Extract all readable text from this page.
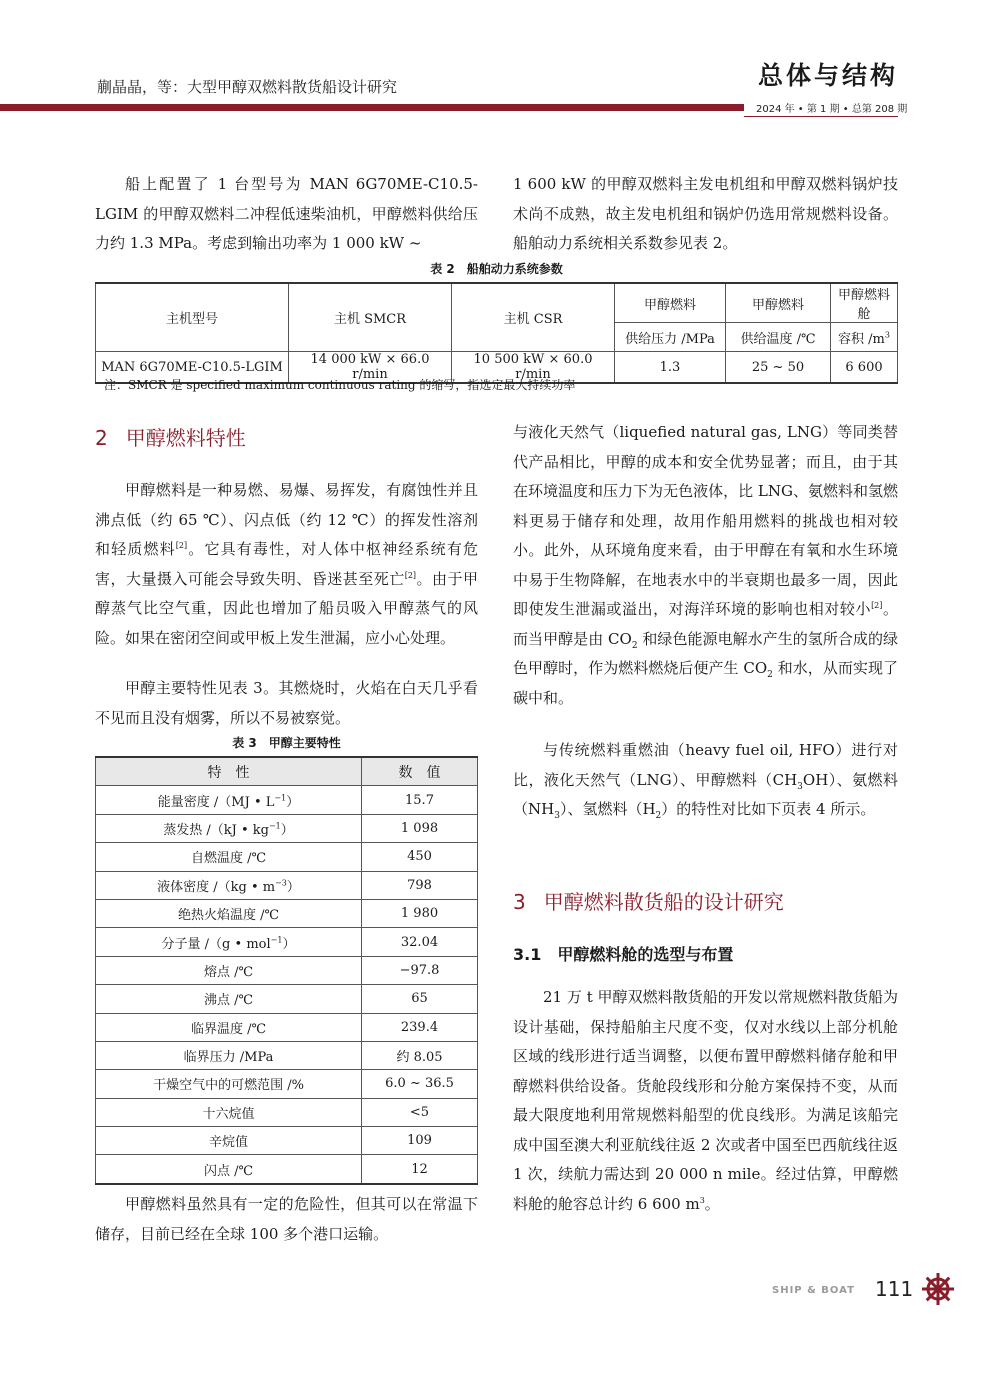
蒯晶晶，等：大型甲醇双燃料散货船设计研究	总体与结构
2024 年 • 第 1 期 • 总第 208 期

船上配置了 1 台型号为 MAN 6G70ME-C10.5-LGIM 的甲醇双燃料二冲程低速柴油机，甲醇燃料供给压力约 1.3 MPa。考虑到输出功率为 1 000 kW ~

1 600 kW 的甲醇双燃料主发电机组和甲醇双燃料锅炉技术尚不成熟，故主发电机组和锅炉仍选用常规燃料设备。船舶动力系统相关系数参见表 2。

表 2　船舶动力系统参数
主机型号	主机 SMCR	主机 CSR	甲醇燃料	甲醇燃料	甲醇燃料舱
			供给压力 /MPa	供给温度 /℃	容积 $/m^3$
MAN 6G70ME-C10.5-LGIM	14 000 kW × 66.0 r/min	10 500 kW × 60.0 r/min	1.3	25 ~ 50	6 600
注：SMCR 是 specified maximum continuous rating 的缩写，指选定最大持续功率
2 甲醇燃料特性

甲醇燃料是一种易燃、易爆、易挥发，有腐蚀性并且沸点低（约 65 ℃）、闪点低（约 12 ℃）的挥发性溶剂和轻质燃料[2]。它具有毒性，对人体中枢神经系统有危害，大量摄入可能会导致失明、昏迷甚至死亡[2]。由于甲醇蒸气比空气重，因此也增加了船员吸入甲醇蒸气的风险。如果在密闭空间或甲板上发生泄漏，应小心处理。

甲醇主要特性见表 3。其燃烧时，火焰在白天几乎看不见而且没有烟雾，所以不易被察觉。

表 3　甲醇主要特性
特　性	数　值
能量密度 /（MJ • $L^{-1}$）	15.7
蒸发热 /（kJ • $kg^{-1}$）	1 098
自燃温度 /℃	450
液体密度 /（kg • $m^{-3}$）	798
绝热火焰温度 /℃	1 980
分子量 /（g • mol$^{-1}$）	32.04
熔点 /℃	−97.8
沸点 /℃	65
临界温度 /℃	239.4
临界压力 /MPa	约 8.05
干燥空气中的可燃范围 /%	6.0 ~ 36.5
十六烷值	<5
辛烷值	109
闪点 /℃	12

甲醇燃料虽然具有一定的危险性，但其可以在常温下储存，目前已经在全球 100 多个港口运输。

与液化天然气（liquefied natural gas, LNG）等同类替代产品相比，甲醇的成本和安全优势显著；而且，由于其在环境温度和压力下为无色液体，比 LNG、氨燃料和氢燃料更易于储存和处理，故用作船用燃料的挑战也相对较小。此外，从环境角度来看，由于甲醇在有氧和水生环境中易于生物降解，在地表水中的半衰期也最多一周，因此即使发生泄漏或溢出，对海洋环境的影响也相对较小[2]。而当甲醇是由 $CO_2$ 和绿色能源电解水产生的氢所合成的绿色甲醇时，作为燃料燃烧后便产生 $CO_2$ 和水，从而实现了碳中和。

与传统燃料重燃油（heavy fuel oil, HFO）进行对比，液化天然气（LNG）、甲醇燃料$(CH_3OH)$、氨燃料$(NH_3)$、氢燃料$(H_2)$的特性对比如下页表 4 所示。

3 甲醇燃料散货船的设计研究
3.1 甲醇燃料舱的选型与布置

21 万 t 甲醇双燃料散货船的开发以常规燃料散货船为设计基础，保持船舶主尺度不变，仅对水线以上部分机舱区域的线形进行适当调整，以便布置甲醇燃料储存舱和甲醇燃料供给设备。货舱段线形和分舱方案保持不变，从而最大限度地利用常规燃料船型的优良线形。为满足该船完成中国至澳大利亚航线往返 2 次或者中国至巴西航线往返 1 次，续航力需达到 20 000 n mile。经过估算，甲醇燃料舱的舱容总计约 6 600 $m^3$。

SHIP & BOAT 111
